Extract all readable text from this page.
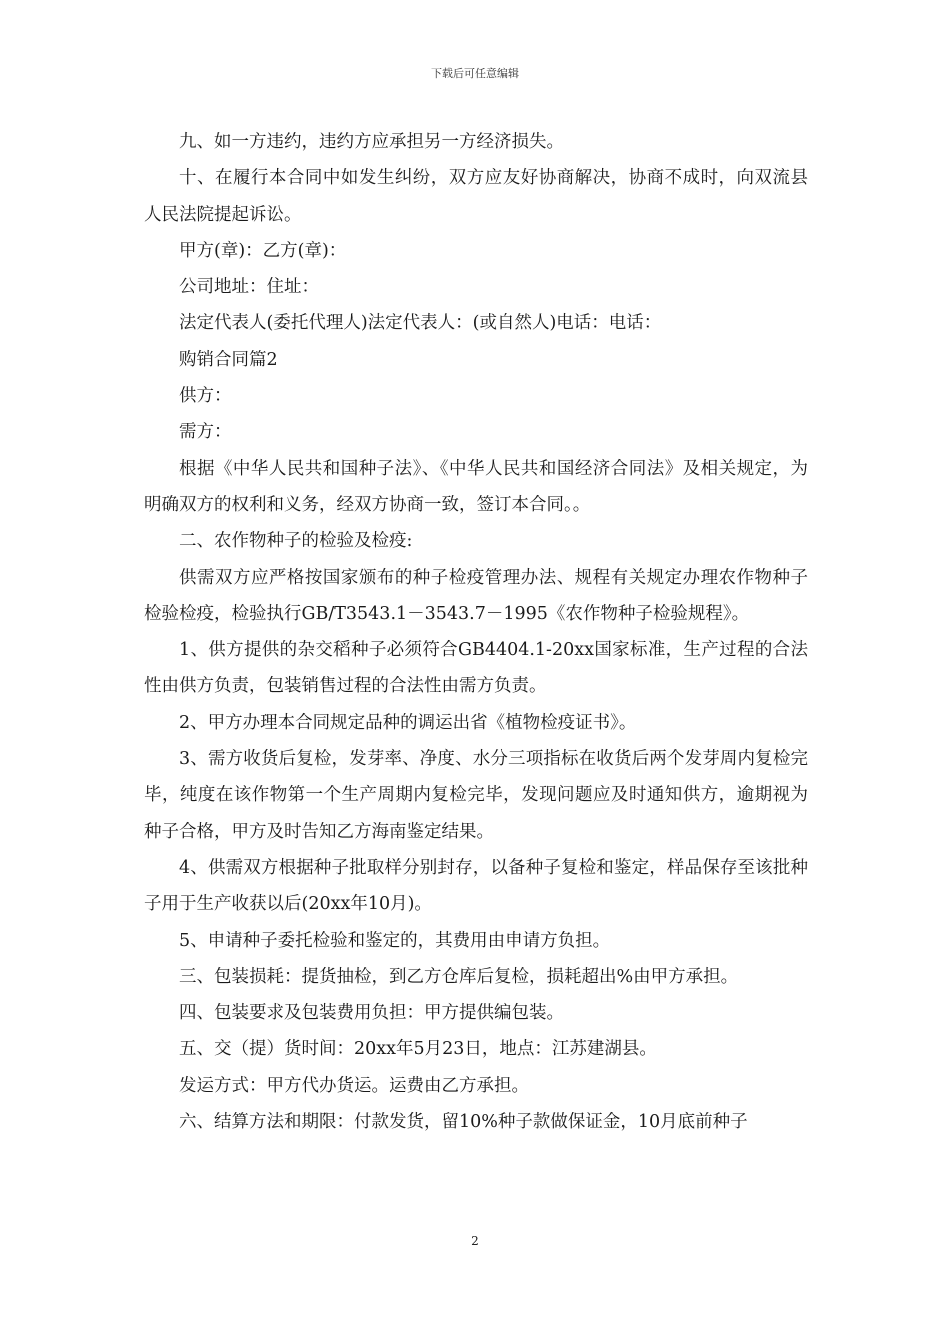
下载后可任意编辑

九、如一方违约，违约方应承担另一方经济损失。

十、在履行本合同中如发生纠纷，双方应友好协商解决，协商不成时，向双流县人民法院提起诉讼。

甲方(章)：乙方(章)：

公司地址：住址：

法定代表人(委托代理人)法定代表人：(或自然人)电话：电话：

购销合同篇2

供方：

需方：

根据《中华人民共和国种子法》、《中华人民共和国经济合同法》及相关规定，为明确双方的权利和义务，经双方协商一致，签订本合同。。

二、农作物种子的检验及检疫:

供需双方应严格按国家颁布的种子检疫管理办法、规程有关规定办理农作物种子检验检疫，检验执行GB/T3543.1－3543.7－1995《农作物种子检验规程》。

1、供方提供的杂交稻种子必须符合GB4404.1-20xx国家标准，生产过程的合法性由供方负责，包装销售过程的合法性由需方负责。

2、甲方办理本合同规定品种的调运出省《植物检疫证书》。

3、需方收货后复检，发芽率、净度、水分三项指标在收货后两个发芽周内复检完毕，纯度在该作物第一个生产周期内复检完毕，发现问题应及时通知供方，逾期视为种子合格，甲方及时告知乙方海南鉴定结果。

4、供需双方根据种子批取样分别封存，以备种子复检和鉴定，样品保存至该批种子用于生产收获以后(20xx年10月)。

5、申请种子委托检验和鉴定的，其费用由申请方负担。

三、包装损耗：提货抽检，到乙方仓库后复检，损耗超出%由甲方承担。

四、包装要求及包装费用负担：甲方提供编包装。

五、交（提）货时间：20xx年5月23日，地点：江苏建湖县。

发运方式：甲方代办货运。运费由乙方承担。

六、结算方法和期限：付款发货，留10%种子款做保证金，10月底前种子

2
